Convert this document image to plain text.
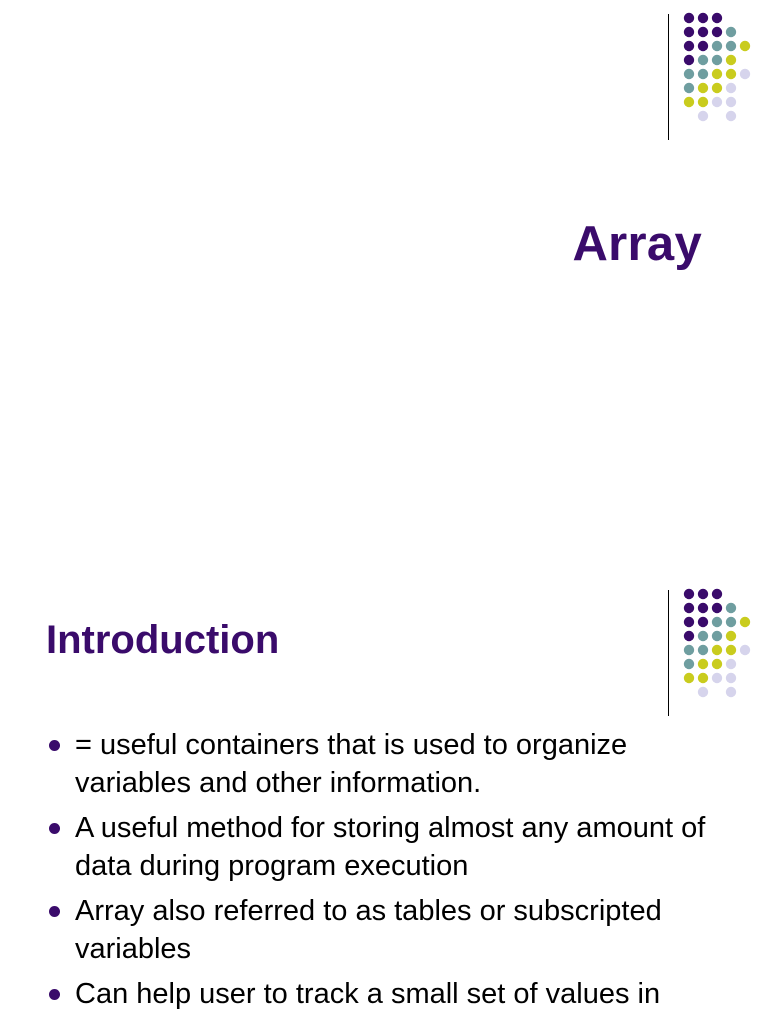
Array
Introduction
= useful containers that is used to organize variables and other information.
A useful method for storing almost any amount of data during program execution
Array also referred to as tables or subscripted variables
Can help user to track a small set of values in
